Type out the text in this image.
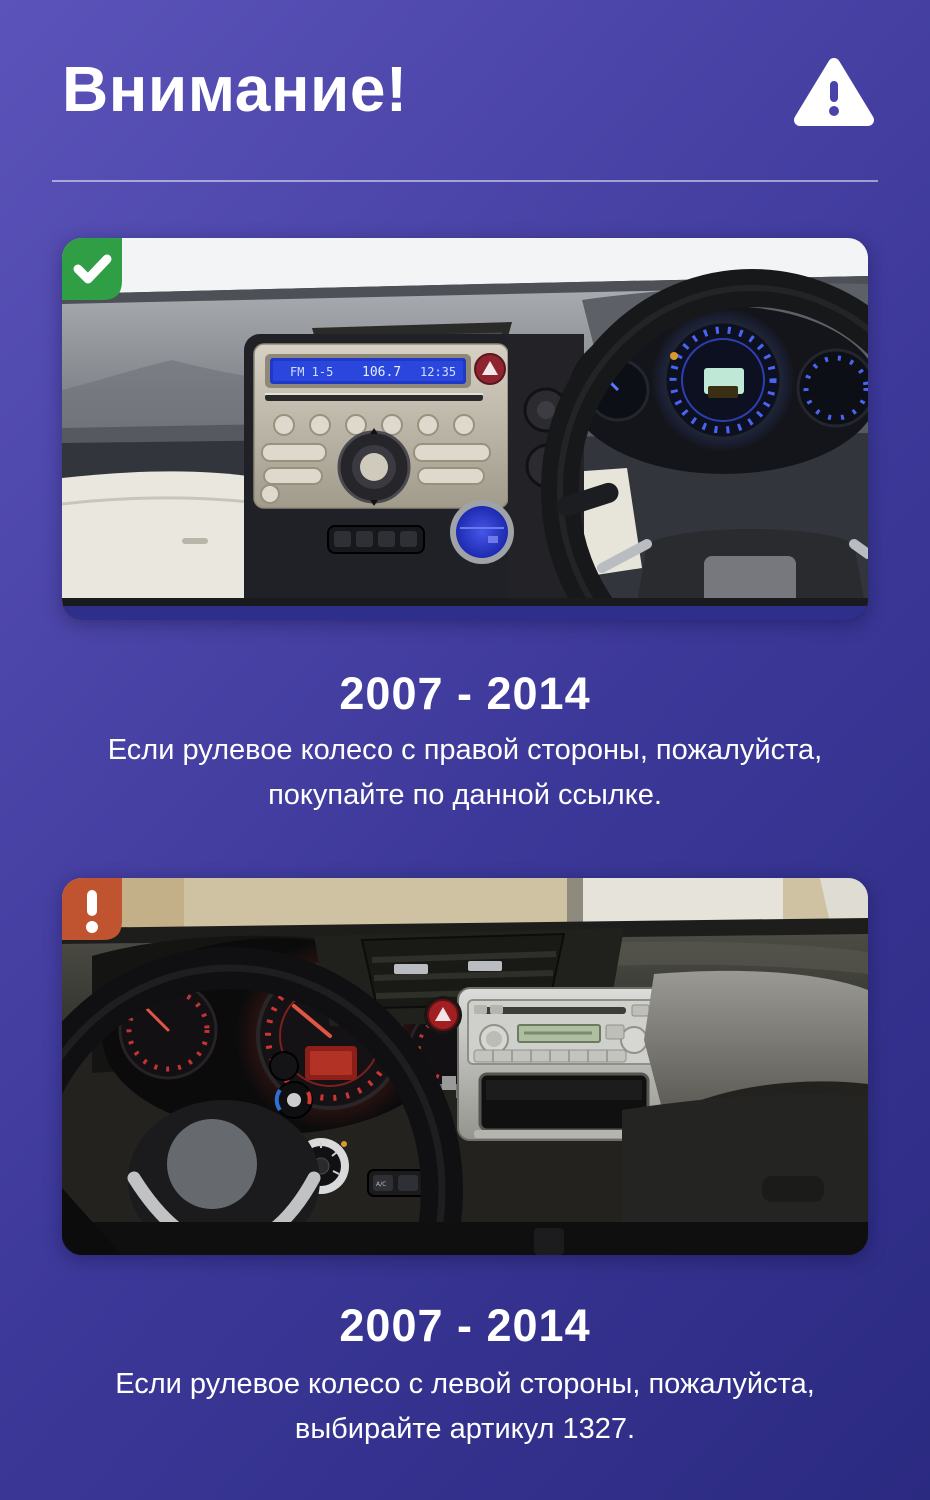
Внимание!
FM 1-5 106.7 12:35
2007 - 2014
Если рулевое колесо с правой стороны, пожалуйста,
покупайте по данной ссылке.
A/C
2007 - 2014
Если рулевое колесо с левой стороны, пожалуйста,
выбирайте артикул 1327.
